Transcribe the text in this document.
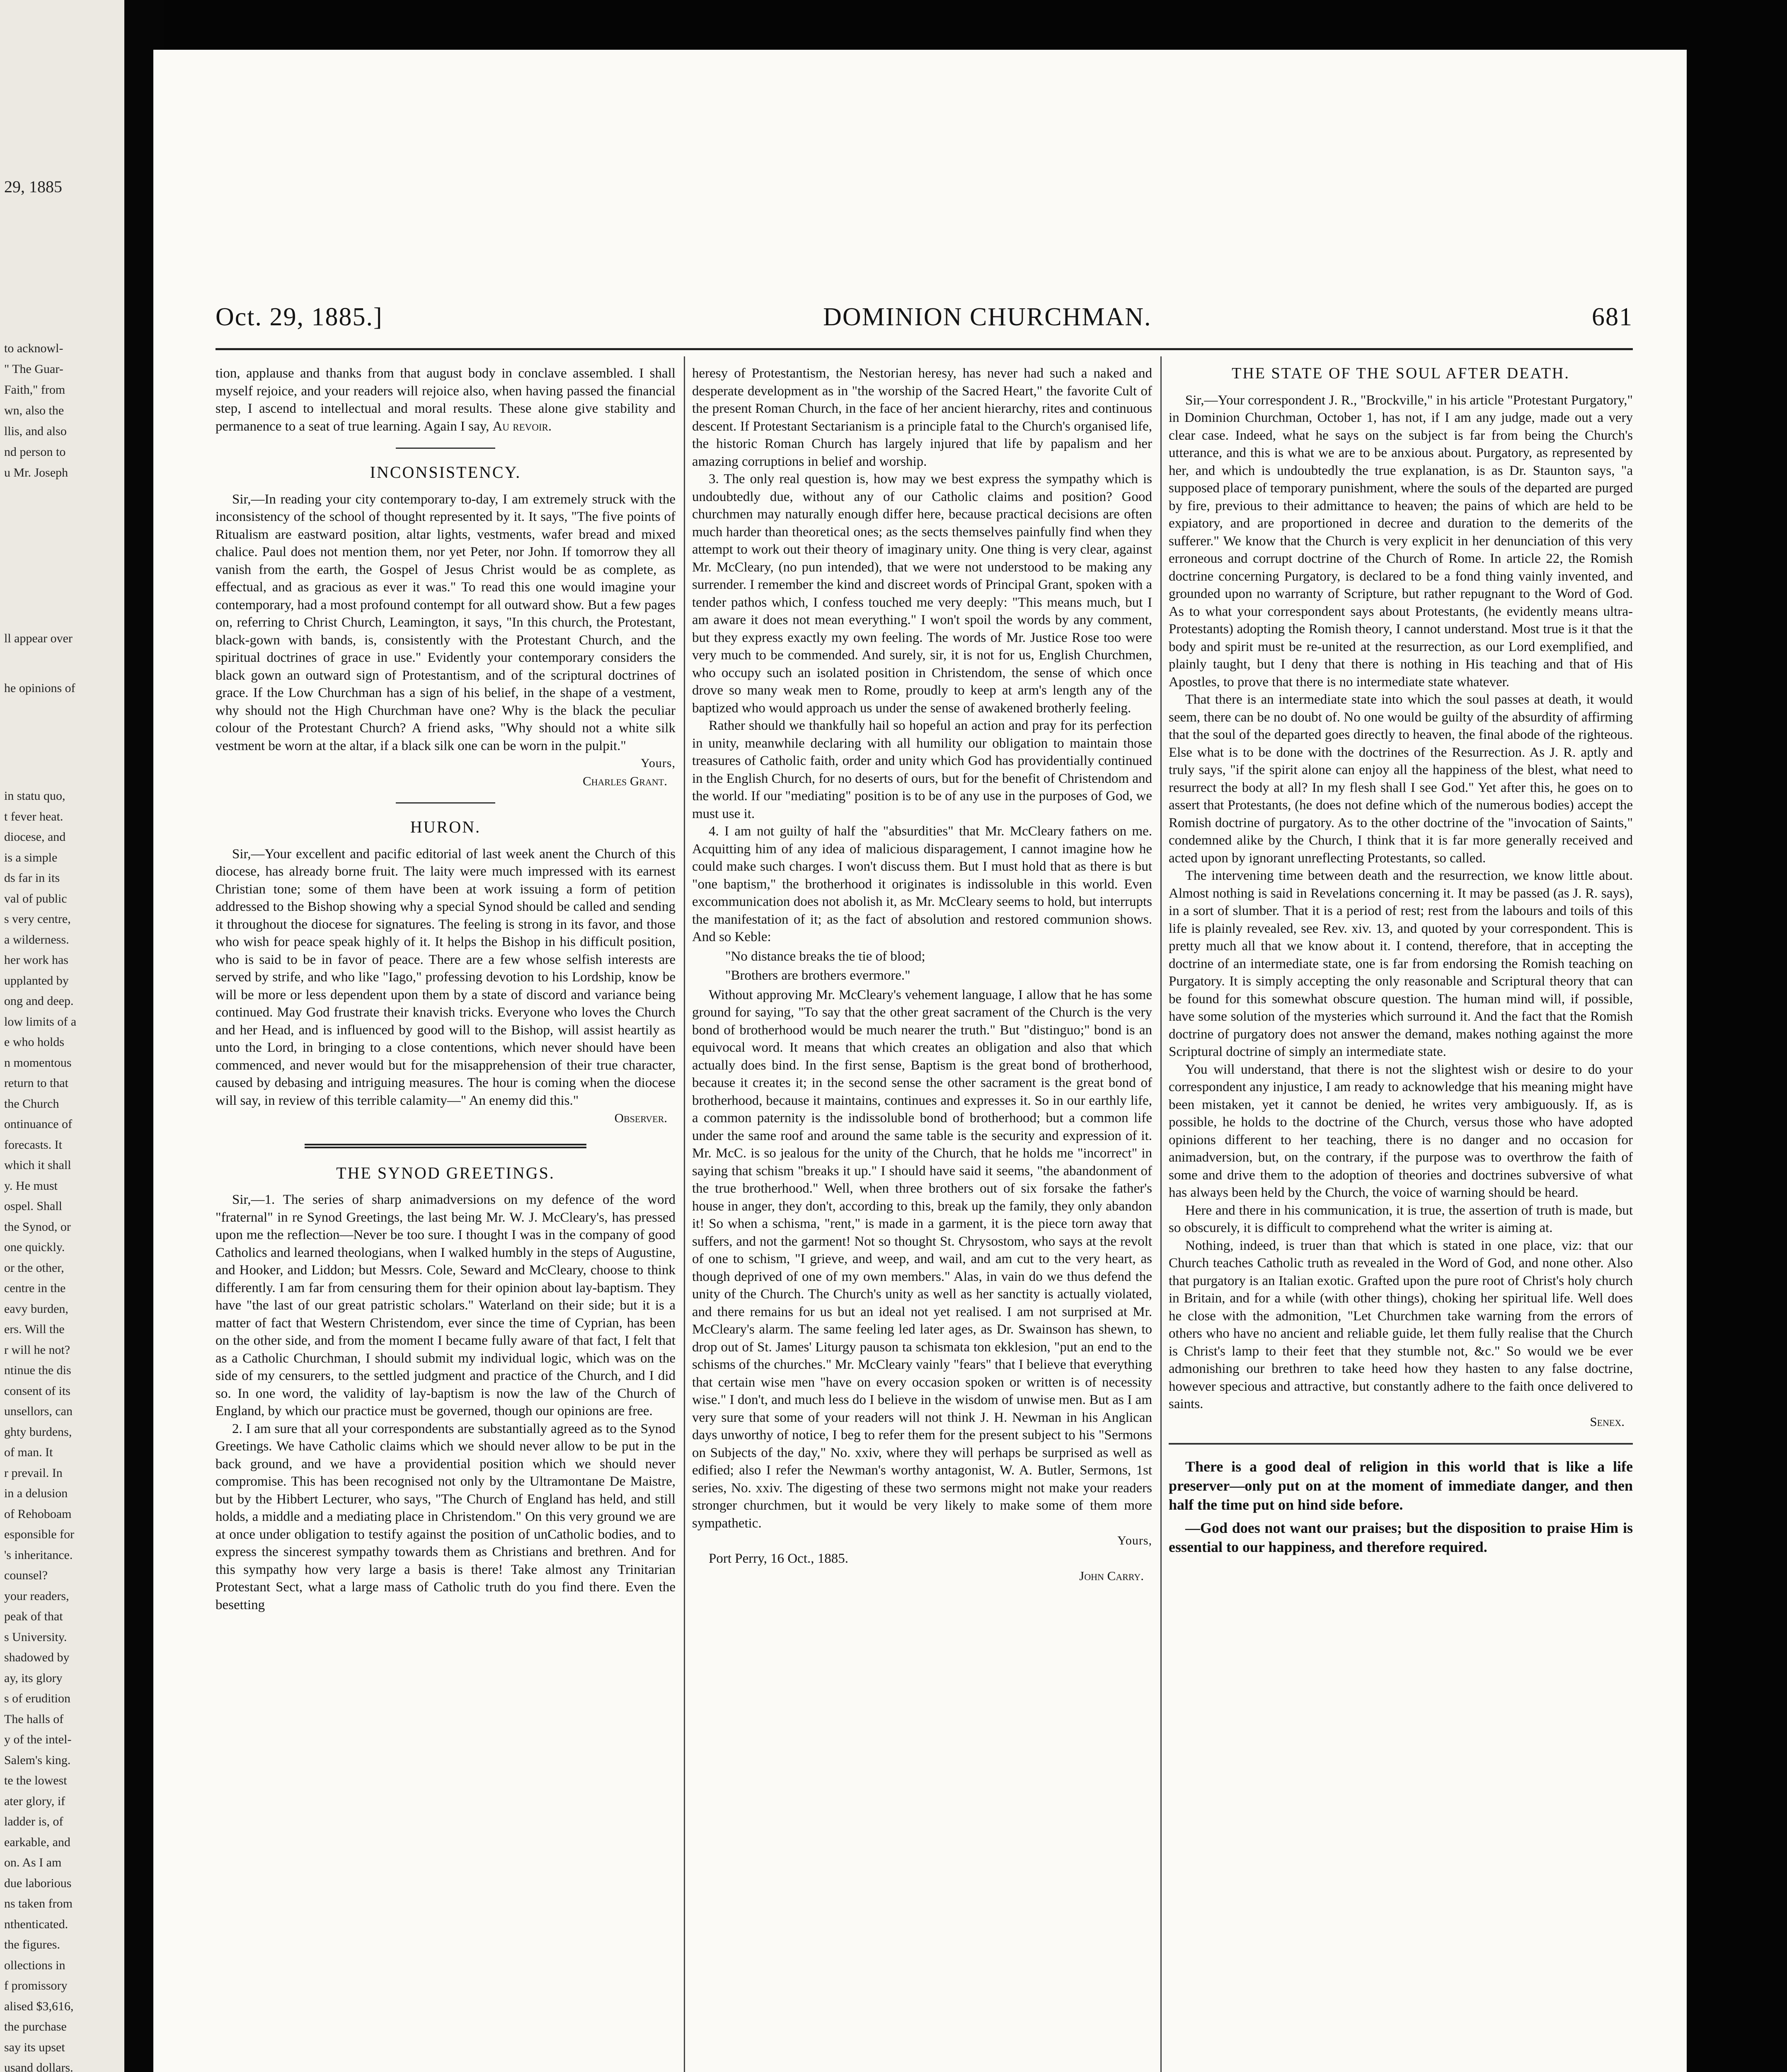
29, 1885
to acknowl-
" The Guar-
Faith," from
wn, also the
llis, and also
nd person to
u Mr. Joseph
ll appear over
he opinions of
in statu quo,
t fever heat.
diocese, and
is a simple
ds far in its
val of public
s very centre,
a wilderness.
her work has
upplanted by
ong and deep.
low limits of a
e who holds
n momentous
return to that
the Church
ontinuance of
forecasts. It
which it shall
y. He must
ospel. Shall
the Synod, or
one quickly.
or the other,
centre in the
eavy burden,
ers. Will the
r will he not?
ntinue the dis
consent of its
unsellors, can
ghty burdens,
of man. It
r prevail. In
in a delusion
of Rehoboam
esponsible for
's inheritance.
counsel?
your readers,
peak of that
s University.
shadowed by
ay, its glory
s of erudition
The halls of
y of the intel-
Salem's king.
te the lowest
ater glory, if
ladder is, of
earkable, and
on. As I am
due laborious
ns taken from
nthenticated.
the figures.
ollections in
f promissory
alised $3,616,
the purchase
say its upset
usand dollars.
Oct. 29, 1885.]	DOMINION CHURCHMAN.	681

tion, applause and thanks from that august body in conclave assembled. I shall myself rejoice, and your readers will rejoice also, when having passed the financial step, I ascend to intellectual and moral results. These alone give stability and permanence to a seat of true learning. Again I say, Au revoir.

INCONSISTENCY.

Sir,—In reading your city contemporary to-day, I am extremely struck with the inconsistency of the school of thought represented by it. It says, "The five points of Ritualism are eastward position, altar lights, vestments, wafer bread and mixed chalice. Paul does not mention them, nor yet Peter, nor John. If tomorrow they all vanish from the earth, the Gospel of Jesus Christ would be as complete, as effectual, and as gracious as ever it was." To read this one would imagine your contemporary, had a most profound contempt for all outward show. But a few pages on, referring to Christ Church, Leamington, it says, "In this church, the Protestant, black-gown with bands, is, consistently with the Protestant Church, and the spiritual doctrines of grace in use." Evidently your contemporary considers the black gown an outward sign of Protestantism, and of the scriptural doctrines of grace. If the Low Churchman has a sign of his belief, in the shape of a vestment, why should not the High Churchman have one? Why is the black the peculiar colour of the Protestant Church? A friend asks, "Why should not a white silk vestment be worn at the altar, if a black silk one can be worn in the pulpit."

Yours,
Charles Grant.
HURON.

Sir,—Your excellent and pacific editorial of last week anent the Church of this diocese, has already borne fruit. The laity were much impressed with its earnest Christian tone; some of them have been at work issuing a form of petition addressed to the Bishop showing why a special Synod should be called and sending it throughout the diocese for signatures. The feeling is strong in its favor, and those who wish for peace speak highly of it. It helps the Bishop in his difficult position, who is said to be in favor of peace. There are a few whose selfish interests are served by strife, and who like "Iago," professing devotion to his Lordship, know be will be more or less dependent upon them by a state of discord and variance being continued. May God frustrate their knavish tricks. Everyone who loves the Church and her Head, and is influenced by good will to the Bishop, will assist heartily as unto the Lord, in bringing to a close contentions, which never should have been commenced, and never would but for the misapprehension of their true character, caused by debasing and intriguing measures. The hour is coming when the diocese will say, in review of this terrible calamity—" An enemy did this."

Observer.
THE SYNOD GREETINGS.

Sir,—1. The series of sharp animadversions on my defence of the word "fraternal" in re Synod Greetings, the last being Mr. W. J. McCleary's, has pressed upon me the reflection—Never be too sure. I thought I was in the company of good Catholics and learned theologians, when I walked humbly in the steps of Augustine, and Hooker, and Liddon; but Messrs. Cole, Seward and McCleary, choose to think differently. I am far from censuring them for their opinion about lay-baptism. They have "the last of our great patristic scholars." Waterland on their side; but it is a matter of fact that Western Christendom, ever since the time of Cyprian, has been on the other side, and from the moment I became fully aware of that fact, I felt that as a Catholic Churchman, I should submit my individual logic, which was on the side of my censurers, to the settled judgment and practice of the Church, and I did so. In one word, the validity of lay-baptism is now the law of the Church of England, by which our practice must be governed, though our opinions are free.

2. I am sure that all your correspondents are substantially agreed as to the Synod Greetings. We have Catholic claims which we should never allow to be put in the back ground, and we have a providential position which we should never compromise. This has been recognised not only by the Ultramontane De Maistre, but by the Hibbert Lecturer, who says, "The Church of England has held, and still holds, a middle and a mediating place in Christendom." On this very ground we are at once under obligation to testify against the position of unCatholic bodies, and to express the sincerest sympathy towards them as Christians and brethren. And for this sympathy how very large a basis is there! Take almost any Trinitarian Protestant Sect, what a large mass of Catholic truth do you find there. Even the besetting

heresy of Protestantism, the Nestorian heresy, has never had such a naked and desperate development as in "the worship of the Sacred Heart," the favorite Cult of the present Roman Church, in the face of her ancient hierarchy, rites and continuous descent. If Protestant Sectarianism is a principle fatal to the Church's organised life, the historic Roman Church has largely injured that life by papalism and her amazing corruptions in belief and worship.

3. The only real question is, how may we best express the sympathy which is undoubtedly due, without any of our Catholic claims and position? Good churchmen may naturally enough differ here, because practical decisions are often much harder than theoretical ones; as the sects themselves painfully find when they attempt to work out their theory of imaginary unity. One thing is very clear, against Mr. McCleary, (no pun intended), that we were not understood to be making any surrender. I remember the kind and discreet words of Principal Grant, spoken with a tender pathos which, I confess touched me very deeply: "This means much, but I am aware it does not mean everything." I won't spoil the words by any comment, but they express exactly my own feeling. The words of Mr. Justice Rose too were very much to be commended. And surely, sir, it is not for us, English Churchmen, who occupy such an isolated position in Christendom, the sense of which once drove so many weak men to Rome, proudly to keep at arm's length any of the baptized who would approach us under the sense of awakened brotherly feeling.

Rather should we thankfully hail so hopeful an action and pray for its perfection in unity, meanwhile declaring with all humility our obligation to maintain those treasures of Catholic faith, order and unity which God has providentially continued in the English Church, for no deserts of ours, but for the benefit of Christendom and the world. If our "mediating" position is to be of any use in the purposes of God, we must use it.

4. I am not guilty of half the "absurdities" that Mr. McCleary fathers on me. Acquitting him of any idea of malicious disparagement, I cannot imagine how he could make such charges. I won't discuss them. But I must hold that as there is but "one baptism," the brotherhood it originates is indissoluble in this world. Even excommunication does not abolish it, as Mr. McCleary seems to hold, but interrupts the manifestation of it; as the fact of absolution and restored communion shows. And so Keble:

"No distance breaks the tie of blood;

"Brothers are brothers evermore."

Without approving Mr. McCleary's vehement language, I allow that he has some ground for saying, "To say that the other great sacrament of the Church is the very bond of brotherhood would be much nearer the truth." But "distinguo;" bond is an equivocal word. It means that which creates an obligation and also that which actually does bind. In the first sense, Baptism is the great bond of brotherhood, because it creates it; in the second sense the other sacrament is the great bond of brotherhood, because it maintains, continues and expresses it. So in our earthly life, a common paternity is the indissoluble bond of brotherhood; but a common life under the same roof and around the same table is the security and expression of it. Mr. McC. is so jealous for the unity of the Church, that he holds me "incorrect" in saying that schism "breaks it up." I should have said it seems, "the abandonment of the true brotherhood." Well, when three brothers out of six forsake the father's house in anger, they don't, according to this, break up the family, they only abandon it! So when a schisma, "rent," is made in a garment, it is the piece torn away that suffers, and not the garment! Not so thought St. Chrysostom, who says at the revolt of one to schism, "I grieve, and weep, and wail, and am cut to the very heart, as though deprived of one of my own members." Alas, in vain do we thus defend the unity of the Church. The Church's unity as well as her sanctity is actually violated, and there remains for us but an ideal not yet realised. I am not surprised at Mr. McCleary's alarm. The same feeling led later ages, as Dr. Swainson has shewn, to drop out of St. James' Liturgy pauson ta schismata ton ekklesion, "put an end to the schisms of the churches." Mr. McCleary vainly "fears" that I believe that everything that certain wise men "have on every occasion spoken or written is of necessity wise." I don't, and much less do I believe in the wisdom of unwise men. But as I am very sure that some of your readers will not think J. H. Newman in his Anglican days unworthy of notice, I beg to refer them for the present subject to his "Sermons on Subjects of the day," No. xxiv, where they will perhaps be surprised as well as edified; also I refer the Newman's worthy antagonist, W. A. Butler, Sermons, 1st series, No. xxiv. The digesting of these two sermons might not make your readers stronger churchmen, but it would be very likely to make some of them more sympathetic.

Yours,

Port Perry, 16 Oct., 1885.

John Carry.
THE STATE OF THE SOUL AFTER DEATH.

Sir,—Your correspondent J. R., "Brockville," in his article "Protestant Purgatory," in Dominion Churchman, October 1, has not, if I am any judge, made out a very clear case. Indeed, what he says on the subject is far from being the Church's utterance, and this is what we are to be anxious about. Purgatory, as represented by her, and which is undoubtedly the true explanation, is as Dr. Staunton says, "a supposed place of temporary punishment, where the souls of the departed are purged by fire, previous to their admittance to heaven; the pains of which are held to be expiatory, and are proportioned in decree and duration to the demerits of the sufferer." We know that the Church is very explicit in her denunciation of this very erroneous and corrupt doctrine of the Church of Rome. In article 22, the Romish doctrine concerning Purgatory, is declared to be a fond thing vainly invented, and grounded upon no warranty of Scripture, but rather repugnant to the Word of God. As to what your correspondent says about Protestants, (he evidently means ultra-Protestants) adopting the Romish theory, I cannot understand. Most true is it that the body and spirit must be re-united at the resurrection, as our Lord exemplified, and plainly taught, but I deny that there is nothing in His teaching and that of His Apostles, to prove that there is no intermediate state whatever.

That there is an intermediate state into which the soul passes at death, it would seem, there can be no doubt of. No one would be guilty of the absurdity of affirming that the soul of the departed goes directly to heaven, the final abode of the righteous. Else what is to be done with the doctrines of the Resurrection. As J. R. aptly and truly says, "if the spirit alone can enjoy all the happiness of the blest, what need to resurrect the body at all? In my flesh shall I see God." Yet after this, he goes on to assert that Protestants, (he does not define which of the numerous bodies) accept the Romish doctrine of purgatory. As to the other doctrine of the "invocation of Saints," condemned alike by the Church, I think that it is far more generally received and acted upon by ignorant unreflecting Protestants, so called.

The intervening time between death and the resurrection, we know little about. Almost nothing is said in Revelations concerning it. It may be passed (as J. R. says), in a sort of slumber. That it is a period of rest; rest from the labours and toils of this life is plainly revealed, see Rev. xiv. 13, and quoted by your correspondent. This is pretty much all that we know about it. I contend, therefore, that in accepting the doctrine of an intermediate state, one is far from endorsing the Romish teaching on Purgatory. It is simply accepting the only reasonable and Scriptural theory that can be found for this somewhat obscure question. The human mind will, if possible, have some solution of the mysteries which surround it. And the fact that the Romish doctrine of purgatory does not answer the demand, makes nothing against the more Scriptural doctrine of simply an intermediate state.

You will understand, that there is not the slightest wish or desire to do your correspondent any injustice, I am ready to acknowledge that his meaning might have been mistaken, yet it cannot be denied, he writes very ambiguously. If, as is possible, he holds to the doctrine of the Church, versus those who have adopted opinions different to her teaching, there is no danger and no occasion for animadversion, but, on the contrary, if the purpose was to overthrow the faith of some and drive them to the adoption of theories and doctrines subversive of what has always been held by the Church, the voice of warning should be heard.

Here and there in his communication, it is true, the assertion of truth is made, but so obscurely, it is difficult to comprehend what the writer is aiming at.

Nothing, indeed, is truer than that which is stated in one place, viz: that our Church teaches Catholic truth as revealed in the Word of God, and none other. Also that purgatory is an Italian exotic. Grafted upon the pure root of Christ's holy church in Britain, and for a while (with other things), choking her spiritual life. Well does he close with the admonition, "Let Churchmen take warning from the errors of others who have no ancient and reliable guide, let them fully realise that the Church is Christ's lamp to their feet that they stumble not, &c." So would we be ever admonishing our brethren to take heed how they hasten to any false doctrine, however specious and attractive, but constantly adhere to the faith once delivered to saints.

Senex.

There is a good deal of religion in this world that is like a life preserver—only put on at the moment of immediate danger, and then half the time put on hind side before.

—God does not want our praises; but the disposition to praise Him is essential to our happiness, and therefore required.
